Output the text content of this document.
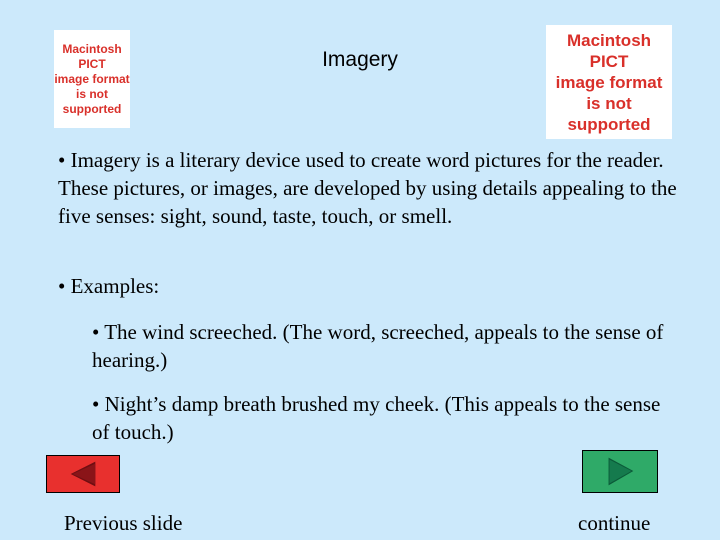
Macintosh PICT
image format
is not supported
Imagery
Macintosh PICT
image format
is not supported

• Imagery is a literary device used to create word pictures for the reader. These pictures, or images, are developed by using details appealing to the five senses: sight, sound, taste, touch, or smell.

• Examples:

• The wind screeched. (The word, screeched, appeals to the sense of hearing.)

• Night’s damp breath brushed my cheek. (This appeals to the sense of touch.)

Previous slide	continue
